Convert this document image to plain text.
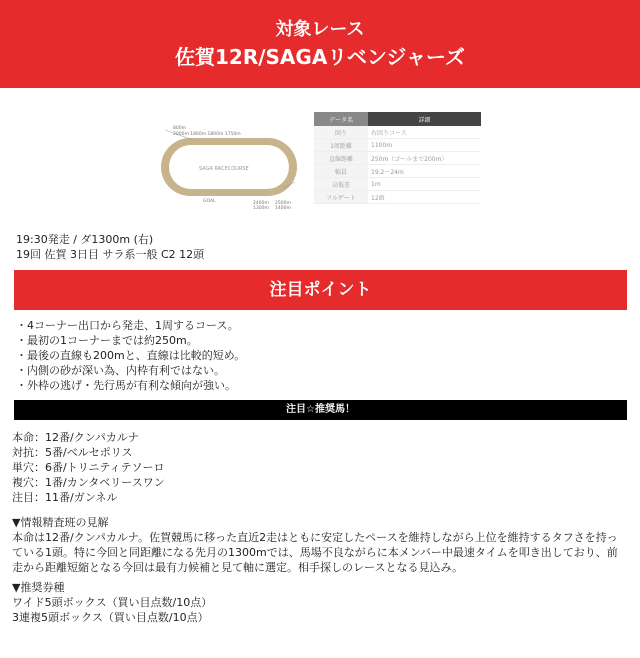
対象レース
佐賀12R/SAGAリベンジャーズ
800m
2000m 1860m 1800m 1750m
SAGA RACECOURSE
GOAL	2400m
1300m
2500m
1400m
データ名	詳細
回り	右回りコース
1周距離	1100m
直線距離	250m（ゴールまで200m）
幅員	19.2〜24m
高低差	1m
フルゲート	12頭
19:30発走 / ダ1300m (右)
19回 佐賀 3日目 サラ系一般 C2 12頭
注目ポイント
・4コーナー出口から発走、1周するコース。
・最初の1コーナーまでは約250m。
・最後の直線も200mと、直線は比較的短め。
・内側の砂が深い為、内枠有利ではない。
・外枠の逃げ・先行馬が有利な傾向が強い。
注目☆推奨馬！
本命：12番/クンパカルナ
対抗：5番/ベルセポリス
単穴：6番/トリニティテソーロ
複穴：1番/カンタベリースワン
注目：11番/ガンネル

▼情報精査班の見解

本命は12番/クンパカルナ。佐賀競馬に移った直近2走はともに安定したペースを維持しながら上位を維持するタフさを持っている1頭。特に今回と同距離になる先月の1300mでは、馬場不良ながらに本メンバー中最速タイムを叩き出しており、前走から距離短縮となる今回は最有力候補と見て軸に選定。相手探しのレースとなる見込み。

▼推奨券種

ワイド5頭ボックス（買い目点数/10点）

3連複5頭ボックス（買い目点数/10点）
